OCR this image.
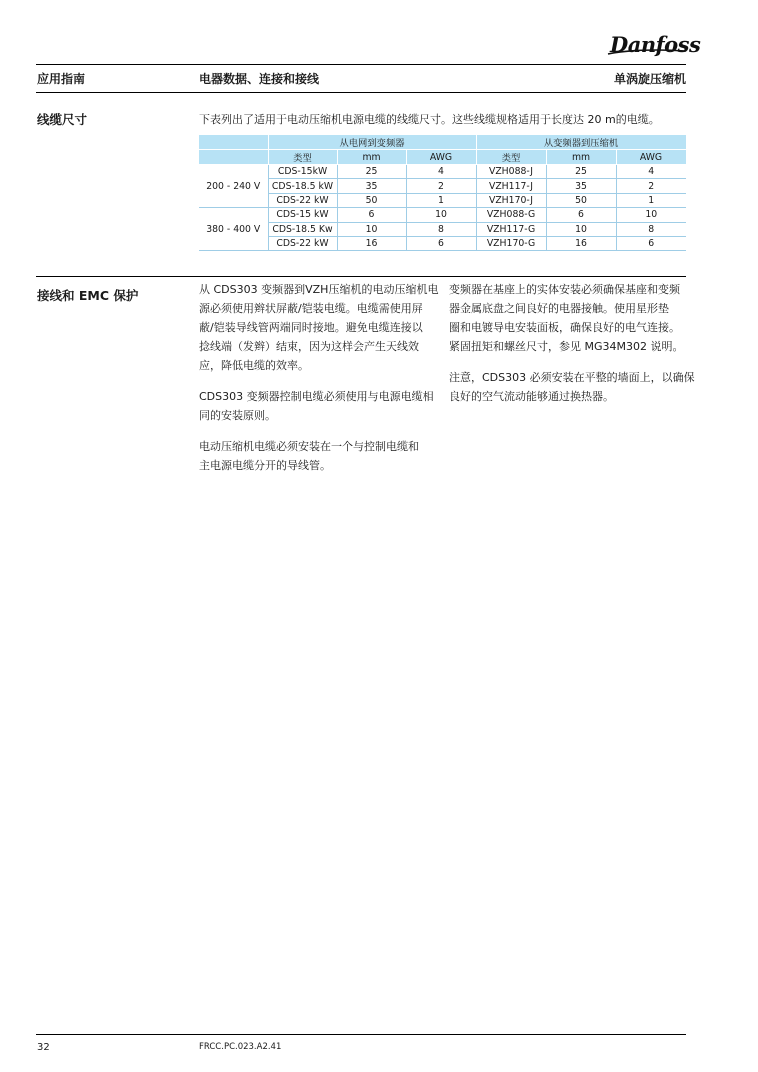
Danfoss
应用指南	电器数据、连接和接线	单涡旋压缩机
线缆尺寸	下表列出了适用于电动压缩机电源电缆的线缆尺寸。这些线缆规格适用于长度达 20 m的电缆。
	从电网到变频器			从变频器到压缩机		
	类型	mm	AWG	类型	mm	AWG
200 - 240 V	CDS-15kW	25	4	VZH088-J	25	4
	CDS-18.5 kW	35	2	VZH117-J	35	2
	CDS-22 kW	50	1	VZH170-J	50	1
380 - 400 V	CDS-15 kW	6	10	VZH088-G	6	10
	CDS-18.5 Kw	10	8	VZH117-G	10	8
	CDS-22 kW	16	6	VZH170-G	16	6
接线和 EMC 保护	从 CDS303 变频器到VZH压缩机的电动压缩机电
源必须使用辫状屏蔽/铠装电缆。电缆需使用屏
蔽/铠装导线管两端同时接地。避免电缆连接以
捻线端（发辫）结束，因为这样会产生天线效
应，降低电缆的效率。

CDS303 变频器控制电缆必须使用与电源电缆相
同的安装原则。

电动压缩机电缆必须安装在一个与控制电缆和
主电源电缆分开的导线管。

变频器在基座上的实体安装必须确保基座和变频
器金属底盘之间良好的电器接触。使用星形垫
圈和电镀导电安装面板，确保良好的电气连接。
紧固扭矩和螺丝尺寸，参见 MG34M302 说明。

注意，CDS303 必须安装在平整的墙面上，以确保
良好的空气流动能够通过换热器。

32	FRCC.PC.023.A2.41
